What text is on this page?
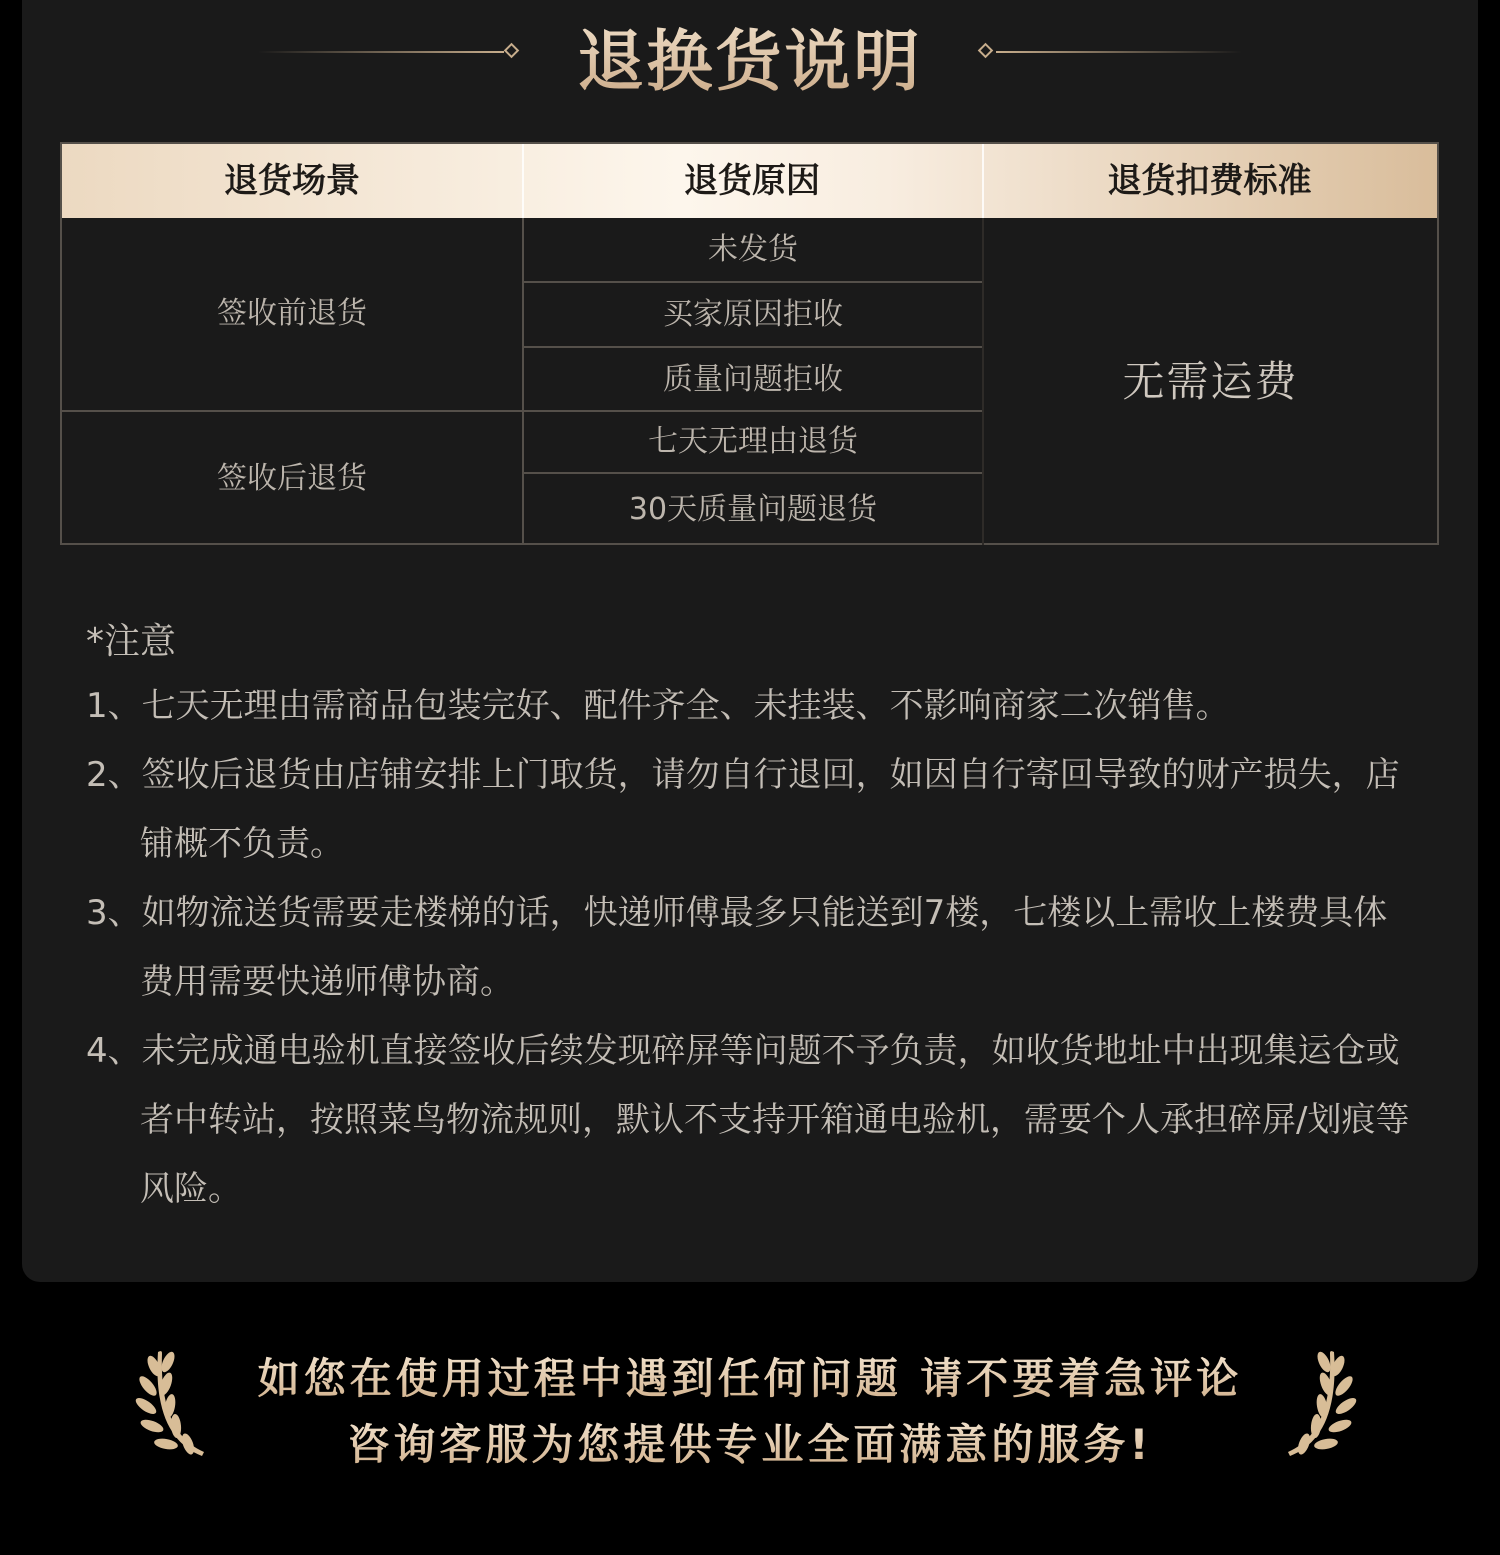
退换货说明
退货场景	退货原因	退货扣费标准
签收前退货
签收后退货
未发货
买家原因拒收
质量问题拒收
七天无理由退货
30天质量问题退货
无需运费
*注意
1、七天无理由需商品包装完好、配件齐全、未挂装、不影响商家二次销售。
2、签收后退货由店铺安排上门取货，请勿自行退回，如因自行寄回导致的财产损失，店铺概不负责。
3、如物流送货需要走楼梯的话，快递师傅最多只能送到7楼，七楼以上需收上楼费具体费用需要快递师傅协商。
4、未完成通电验机直接签收后续发现碎屏等问题不予负责，如收货地址中出现集运仓或者中转站，按照菜鸟物流规则，默认不支持开箱通电验机，需要个人承担碎屏/划痕等风险。
如您在使用过程中遇到任何问题 请不要着急评论
咨询客服为您提供专业全面满意的服务!
